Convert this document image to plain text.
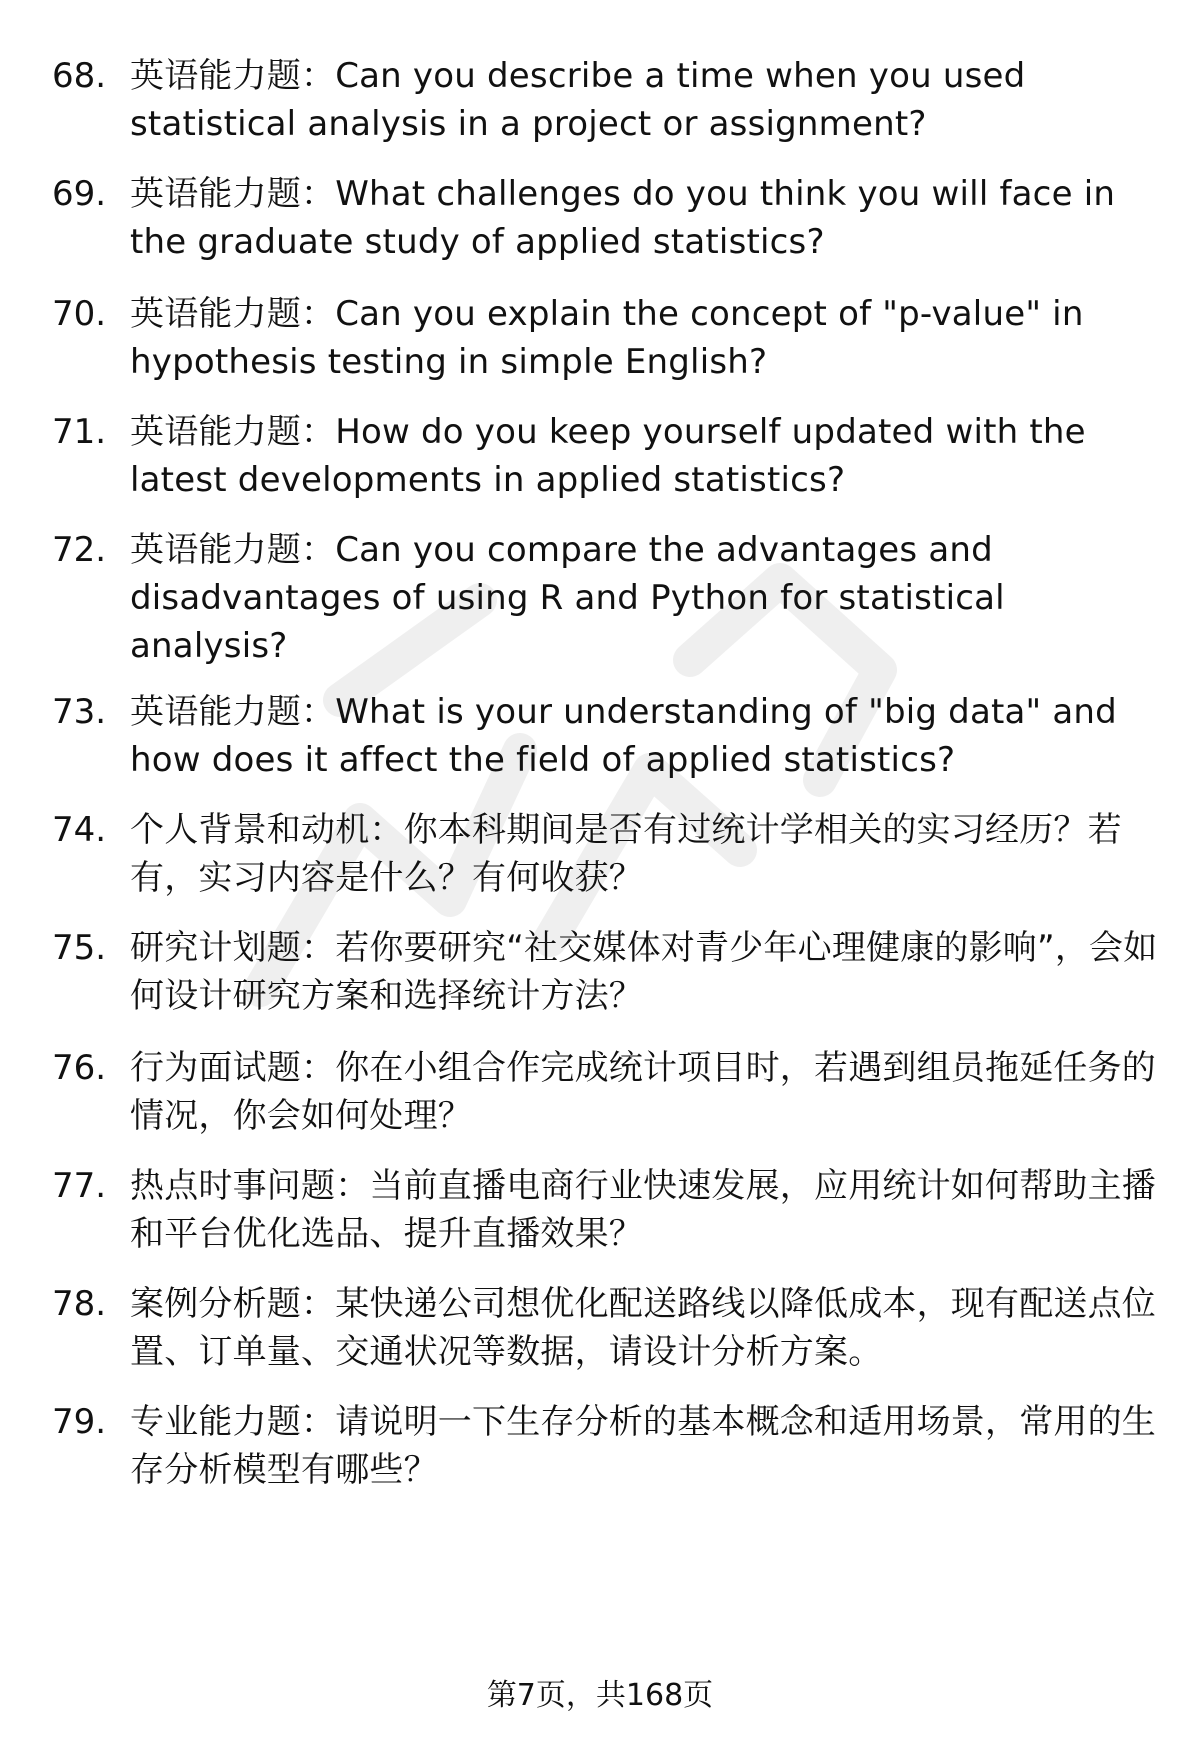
68. 英语能力题：Can you describe a time when you used statistical analysis in a project or assignment?
69. 英语能力题：What challenges do you think you will face in the graduate study of applied statistics?
70. 英语能力题：Can you explain the concept of "p-value" in hypothesis testing in simple English?
71. 英语能力题：How do you keep yourself updated with the latest developments in applied statistics?
72. 英语能力题：Can you compare the advantages and disadvantages of using R and Python for statistical analysis?
73. 英语能力题：What is your understanding of "big data" and how does it affect the field of applied statistics?
74. 个人背景和动机：你本科期间是否有过统计学相关的实习经历？若有，实习内容是什么？有何收获？
75. 研究计划题：若你要研究“社交媒体对青少年心理健康的影响”，会如何设计研究方案和选择统计方法？
76. 行为面试题：你在小组合作完成统计项目时，若遇到组员拖延任务的情况，你会如何处理？
77. 热点时事问题：当前直播电商行业快速发展，应用统计如何帮助主播和平台优化选品、提升直播效果？
78. 案例分析题：某快递公司想优化配送路线以降低成本，现有配送点位置、订单量、交通状况等数据，请设计分析方案。
79. 专业能力题：请说明一下生存分析的基本概念和适用场景，常用的生存分析模型有哪些？
第7页，共168页
